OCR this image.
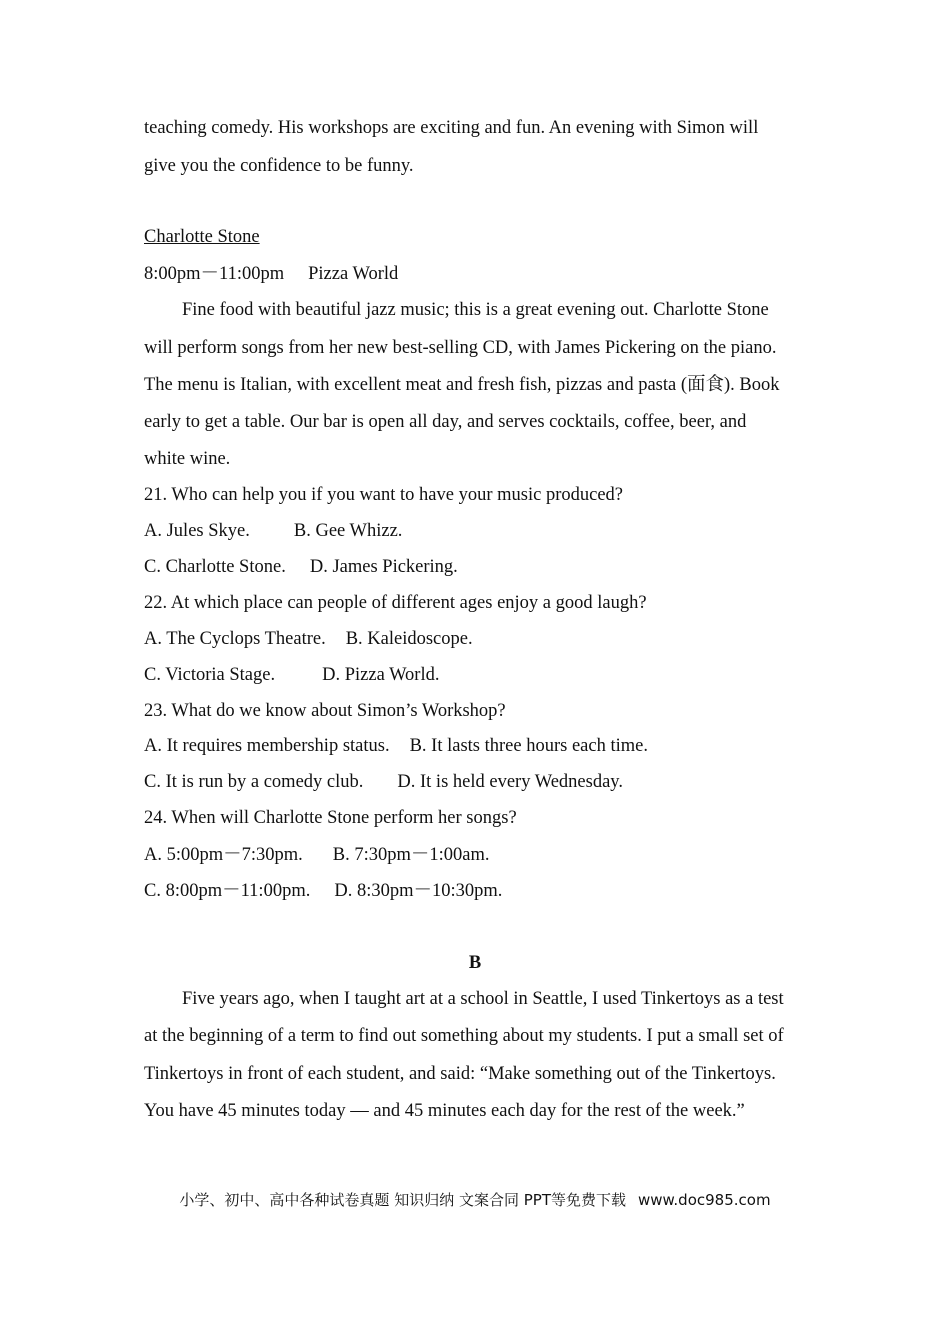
teaching comedy. His workshops are exciting and fun. An evening with Simon will
give you the confidence to be funny.
Charlotte Stone
8:00pm－11:00pm Pizza World
Fine food with beautiful jazz music; this is a great evening out. Charlotte Stone
will perform songs from her new best-selling CD, with James Pickering on the piano.
The menu is Italian, with excellent meat and fresh fish, pizzas and pasta (面食). Book
early to get a table. Our bar is open all day, and serves cocktails, coffee, beer, and
white wine.
21. Who can help you if you want to have your music produced?
A. Jules Skye. B. Gee Whizz.
C. Charlotte Stone. D. James Pickering.
22. At which place can people of different ages enjoy a good laugh?
A. The Cyclops Theatre. B. Kaleidoscope.
C. Victoria Stage.	D. Pizza World.
23. What do we know about Simon’s Workshop?
A. It requires membership status. B. It lasts three hours each time.
C. It is run by a comedy club. D. It is held every Wednesday.
24. When will Charlotte Stone perform her songs?
A. 5:00pm－7:30pm. B. 7:30pm－1:00am.
C. 8:00pm－11:00pm. D. 8:30pm－10:30pm.
B
Five years ago, when I taught art at a school in Seattle, I used Tinkertoys as a test
at the beginning of a term to find out something about my students. I put a small set of
Tinkertoys in front of each student, and said: “Make something out of the Tinkertoys.
You have 45 minutes today — and 45 minutes each day for the rest of the week.”
小学、初中、高中各种试卷真题 知识归纳 文案合同 PPT等免费下载 www.doc985.com
